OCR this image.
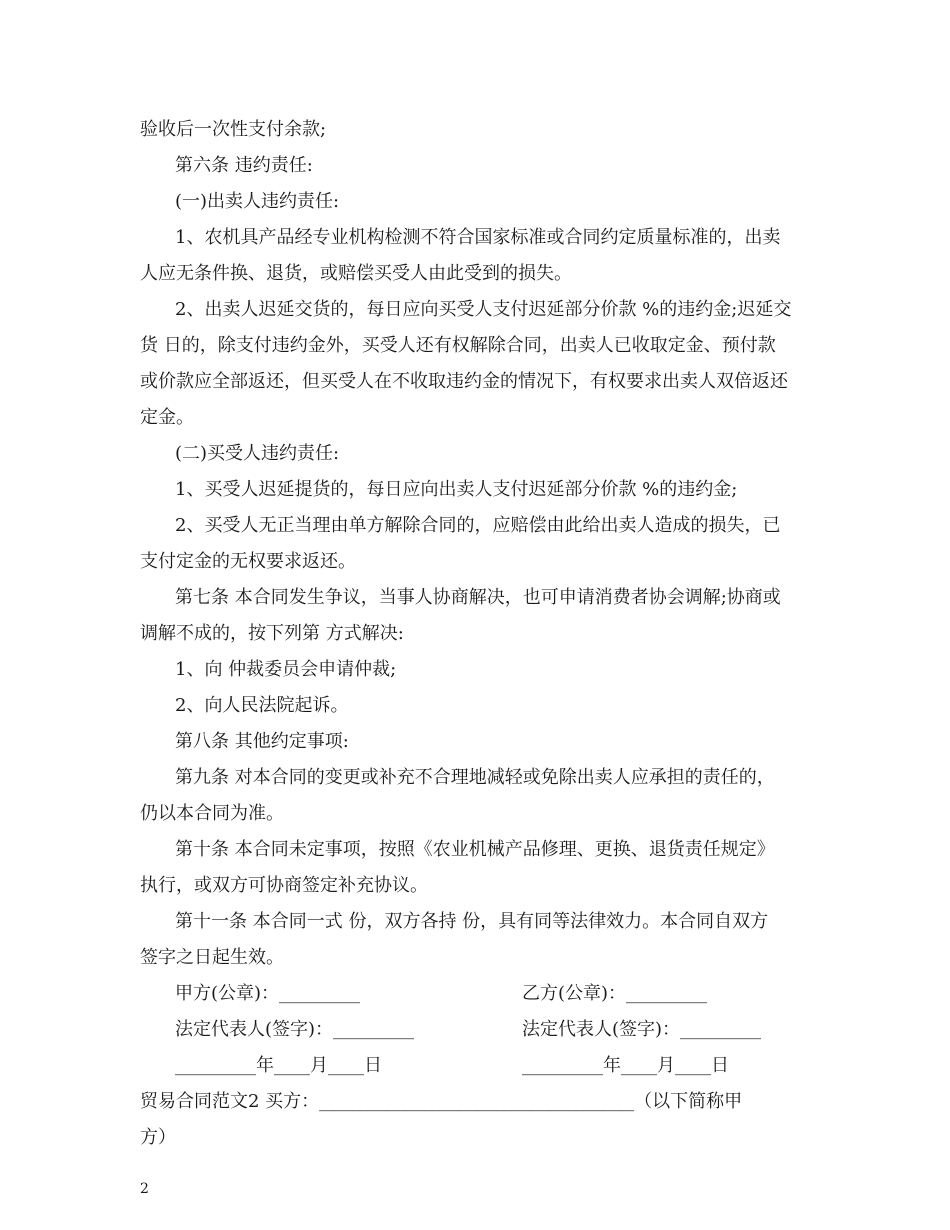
验收后一次性支付余款;
第六条 违约责任:
(一)出卖人违约责任:
1、农机具产品经专业机构检测不符合国家标准或合同约定质量标准的，出卖
人应无条件换、退货，或赔偿买受人由此受到的损失。
2、出卖人迟延交货的，每日应向买受人支付迟延部分价款 %的违约金;迟延交
货 日的，除支付违约金外，买受人还有权解除合同，出卖人已收取定金、预付款
或价款应全部返还，但买受人在不收取违约金的情况下，有权要求出卖人双倍返还
定金。
(二)买受人违约责任:
1、买受人迟延提货的，每日应向出卖人支付迟延部分价款 %的违约金;
2、买受人无正当理由单方解除合同的，应赔偿由此给出卖人造成的损失，已
支付定金的无权要求返还。
第七条 本合同发生争议，当事人协商解决，也可申请消费者协会调解;协商或
调解不成的，按下列第 方式解决:
1、向 仲裁委员会申请仲裁;
2、向人民法院起诉。
第八条 其他约定事项:
第九条 对本合同的变更或补充不合理地减轻或免除出卖人应承担的责任的，
仍以本合同为准。
第十条 本合同未定事项，按照《农业机械产品修理、更换、退货责任规定》
执行，或双方可协商签定补充协议。
第十一条 本合同一式 份，双方各持 份，具有同等法律效力。本合同自双方
签字之日起生效。
甲方(公章)：_________	乙方(公章)：_________
法定代表人(签字)：_________	法定代表人(签字)：_________
_________年____月____日	_________年____月____日
贸易合同范文2 买方：___________________________________（以下简称甲
方）
2
